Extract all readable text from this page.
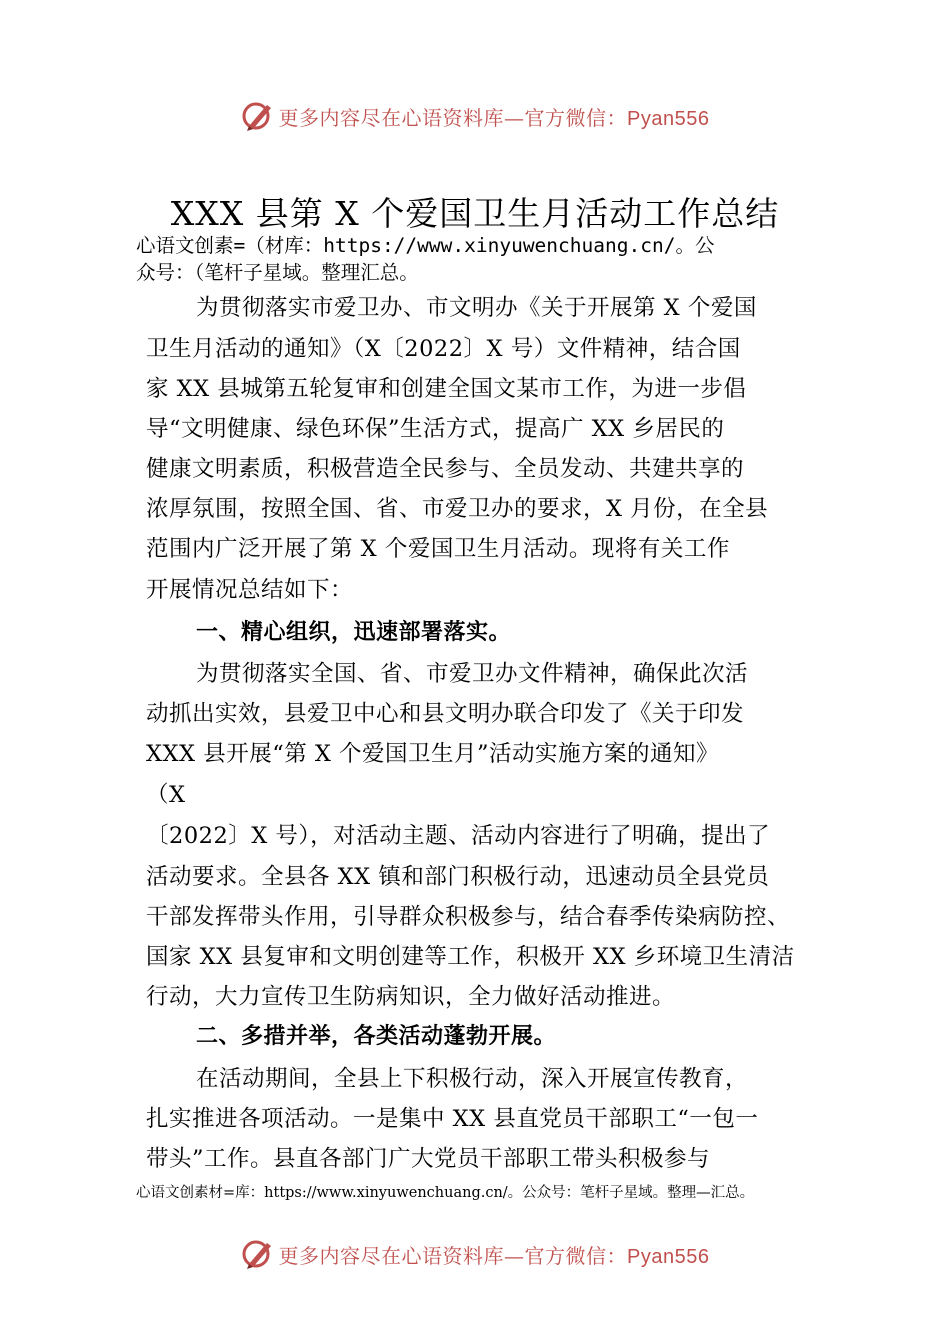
更多内容尽在心语资料库—官方微信：Pyan556
XXX 县第 X 个爱国卫生月活动工作总结
心语文创素=（材库：https://www.xinyuwenchuang.cn/。公
众号：（笔杆子星域。整理汇总。
为贯彻落实市爱卫办、市文明办《关于开展第 X 个爱国
卫生月活动的通知》（X〔2022〕X 号）文件精神，结合国
家 XX 县城第五轮复审和创建全国文某市工作，为进一步倡
导“文明健康、绿色环保”生活方式，提高广 XX 乡居民的
健康文明素质，积极营造全民参与、全员发动、共建共享的
浓厚氛围，按照全国、省、市爱卫办的要求，X 月份，在全县
范围内广泛开展了第 X 个爱国卫生月活动。现将有关工作
开展情况总结如下：
一、精心组织，迅速部署落实。
为贯彻落实全国、省、市爱卫办文件精神，确保此次活
动抓出实效，县爱卫中心和县文明办联合印发了《关于印发
XXX 县开展“第 X 个爱国卫生月”活动实施方案的通知》
（X
〔2022〕X 号），对活动主题、活动内容进行了明确，提出了
活动要求。全县各 XX 镇和部门积极行动，迅速动员全县党员
干部发挥带头作用，引导群众积极参与，结合春季传染病防控、
国家 XX 县复审和文明创建等工作，积极开 XX 乡环境卫生清洁
行动，大力宣传卫生防病知识，全力做好活动推进。
二、多措并举，各类活动蓬勃开展。
在活动期间，全县上下积极行动，深入开展宣传教育，
扎实推进各项活动。一是集中 XX 县直党员干部职工“一包一
带头”工作。县直各部门广大党员干部职工带头积极参与
心语文创素材=库：https://www.xinyuwenchuang.cn/。公众号：笔杆子星域。整理—汇总。
更多内容尽在心语资料库—官方微信：Pyan556
